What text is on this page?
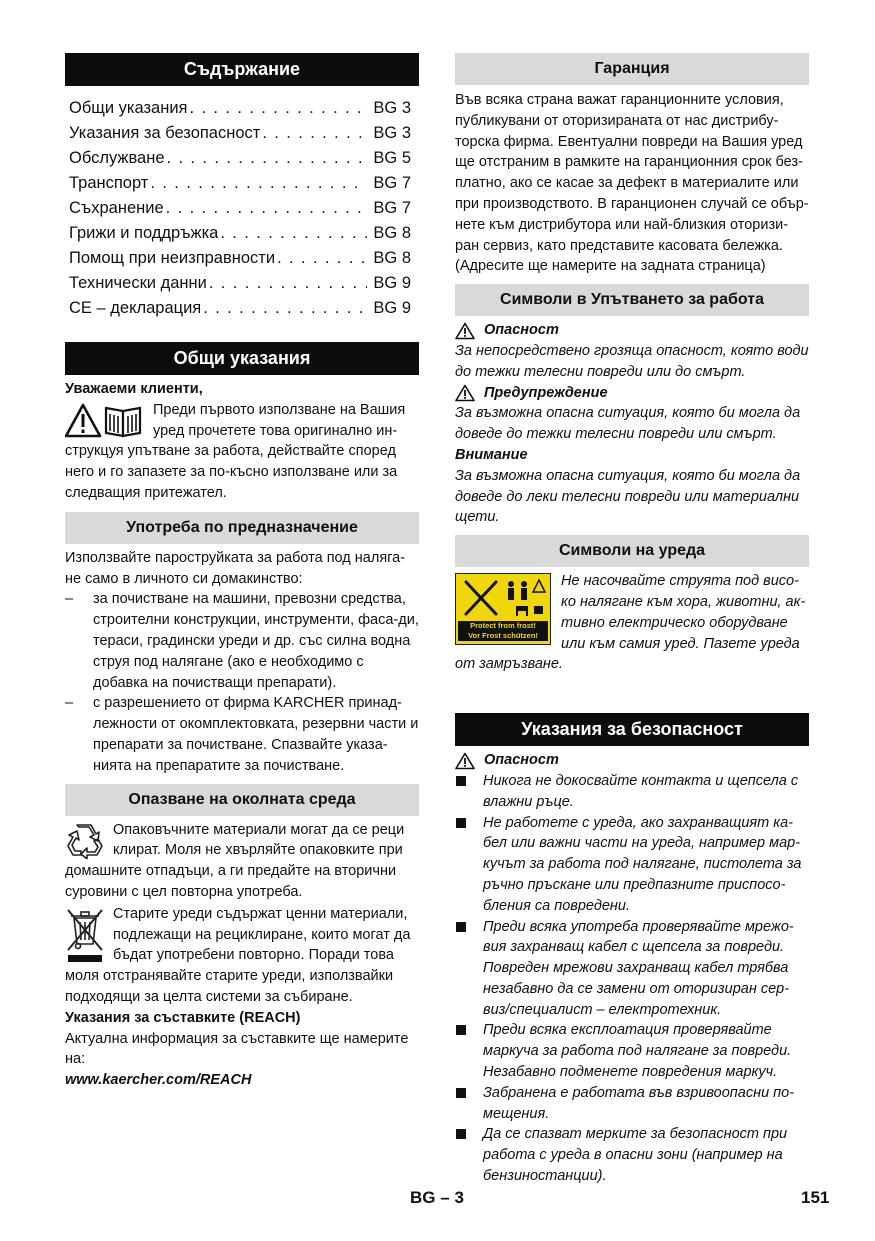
Съдържание
Общи указания . . .	BG 3
Указания за безопасност . . .	BG 3
Обслужване . . .	BG 5
Транспорт . . .	BG 7
Съхранение . . .	BG 7
Грижи и поддръжка . . .	BG 8
Помощ при неизправности . . .	BG 8
Технически данни . . .	BG 9
CE – декларация . . .	BG 9
Общи указания

Уважаеми клиенти,

Преди първото използване на Вашия уред прочетете това оригинално ин- струкцуя упътване за работа, действайте според него и го запазете за по-късно използване или за следващия притежател.
Употреба по предназначение

Използвайте пароструйката за работа под наляга-не само в личното си домакинство:

– за почистване на машини, превозни средства, строителни конструкции, инструменти, фаса-ди, тераси, градински уреди и др. със силна водна струя под налягане (ако е необходимо с добавка на почистващи препарати).
– с разрешението от фирма KARCHER принад-лежности от окомплектовката, резервни части и препарати за почистване. Спазвайте указа-нията на препаратите за почистване.
Опазване на околната среда
Опаковъчните материали могат да се реци клират. Моля не хвърляйте опаковките при домашните отпадъци, а ги предайте на вторични суровини с цел повторна употреба.
Старите уреди съдържат ценни материали, подлежащи на рециклиране, които могат да бъдат употребени повторно. Поради това моля отстранявайте старите уреди, използвайки подходящи за целта системи за събиране.

Указания за съставките (REACH)

Актуална информация за съставките ще намерите на:

www.kaercher.com/REACH

Гаранция

Във всяка страна важат гаранционните условия, публикувани от оторизираната от нас дистрибу-торска фирма. Евентуални повреди на Вашия уред ще отстраним в рамките на гаранционния срок без-платно, ако се касае за дефект в материалите или при производството. В гаранционен случай се обър-нете към дистрибутора или най-близкия оторизи-ран сервиз, като представите касовата бележка. (Адресите ще намерите на задната страница)

Символи в Упътването за работа
Опасност

За непосредствено грозяща опасност, която води до тежки телесни повреди или до смърт.

Предупреждение

За възможна опасна ситуация, която би могла да доведе до тежки телесни повреди или смърт.

Внимание

За възможна опасна ситуация, която би могла да доведе до леки телесни повреди или материални щети.

Символи на уреда
Protect from frost!
Vor Frost schützen!
Не насочвайте струята под висо-ко налягане към хора, животни, ак-тивно електрическо оборудване или към самия уред. Пазете уреда от замръзване.
Указания за безопасност
Опасност
Никога не докосвайте контакта и щепсела с влажни ръце.
Не работете с уреда, ако захранващият ка-бел или важни части на уреда, например мар-кучът за работа под налягане, пистолета за ръчно пръскане или предпазните приспосо-бления са повредени.
Преди всяка употреба проверявайте мрежо-вия захранващ кабел с щепсела за повреди. Повреден мрежови захранващ кабел трябва незабавно да се замени от оторизиран сер-виз/специалист – електротехник.
Преди всяка експлоатация проверявайте маркуча за работа под налягане за повреди. Незабавно подменете повредения маркуч.
Забранена е работата във взривоопасни по-мещения.
Да се спазват мерките за безопасност при работа с уреда в опасни зони (например на бензиностанции).
BG – 3	151
